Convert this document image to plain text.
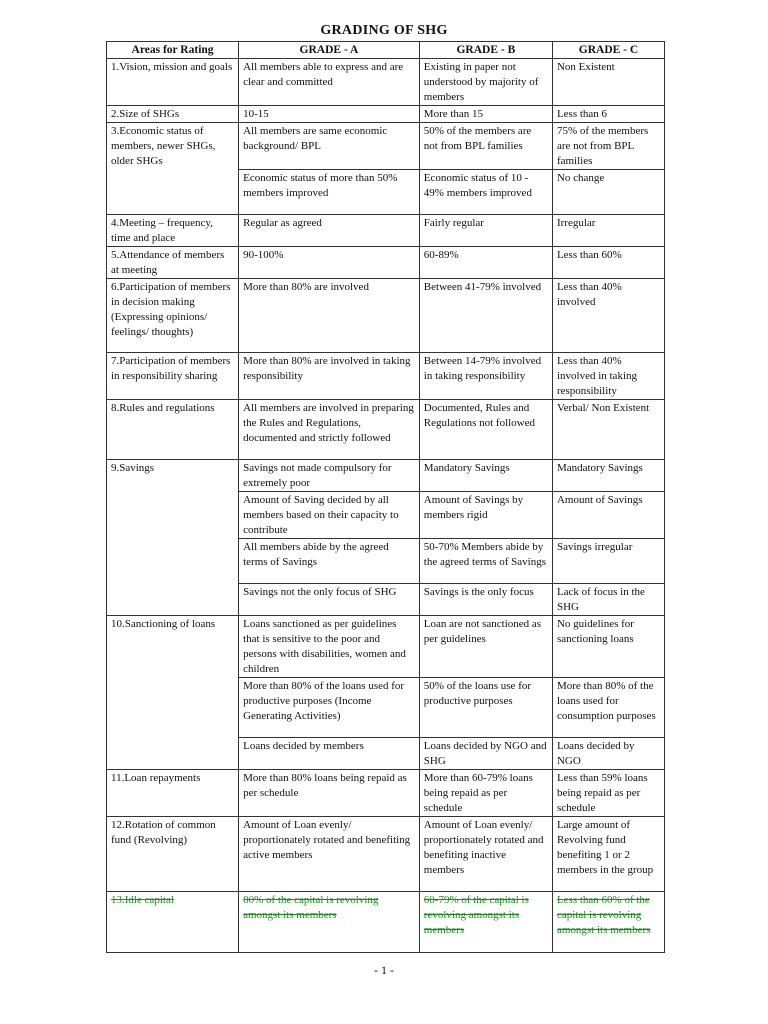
GRADING OF SHG
Areas for Rating	GRADE - A	GRADE - B	GRADE - C
1.Vision, mission and goals	All members able to express and are clear and committed	Existing in paper not understood by majority of members	Non Existent
2.Size of SHGs	10-15	More than 15	Less than 6
3.Economic status of members, newer SHGs, older SHGs	All members are same economic background/ BPL	50% of the members are not from BPL families	75% of the members are not from BPL families
	Economic status of more than 50% members improved	Economic status of 10 - 49% members improved	No change
4.Meeting – frequency, time and place	Regular as agreed	Fairly regular	Irregular
5.Attendance of members at meeting	90-100%	60-89%	Less than 60%
6.Participation of members in decision making (Expressing opinions/ feelings/ thoughts)	More than 80% are involved	Between 41-79% involved	Less than 40% involved
7.Participation of members in responsibility sharing	More than 80% are involved in taking responsibility	Between 14-79% involved in taking responsibility	Less than 40% involved in taking responsibility
8.Rules and regulations	All members are involved in preparing the Rules and Regulations, documented and strictly followed	Documented, Rules and Regulations not followed	Verbal/ Non Existent
9.Savings	Savings not made compulsory for extremely poor	Mandatory Savings	Mandatory Savings
	Amount of Saving decided by all members based on their capacity to contribute	Amount of Savings by members rigid	Amount of Savings
	All members abide by the agreed terms of Savings	50-70% Members abide by the agreed terms of Savings	Savings irregular
	Savings not the only focus of SHG	Savings is the only focus	Lack of focus in the SHG
10.Sanctioning of loans	Loans sanctioned as per guidelines that is sensitive to the poor and persons with disabilities, women and children	Loan are not sanctioned as per guidelines	No guidelines for sanctioning loans
	More than 80% of the loans used for productive purposes (Income Generating Activities)	50% of the loans use for productive purposes	More than 80% of the loans used for consumption purposes
	Loans decided by members	Loans decided by NGO and SHG	Loans decided by NGO
11.Loan repayments	More than 80% loans being repaid as per schedule	More than 60-79% loans being repaid as per schedule	Less than 59% loans being repaid as per schedule
12.Rotation of common fund (Revolving)	Amount of Loan evenly/ proportionately rotated and benefiting active members	Amount of Loan evenly/ proportionately rotated and benefiting inactive members	Large amount of Revolving fund benefiting 1 or 2 members in the group
13.Idle capital	80% of the capital is revolving amongst its members	60-79% of the capital is revolving amongst its members	Less than 60% of the capital is revolving amongst its members
- 1 -
